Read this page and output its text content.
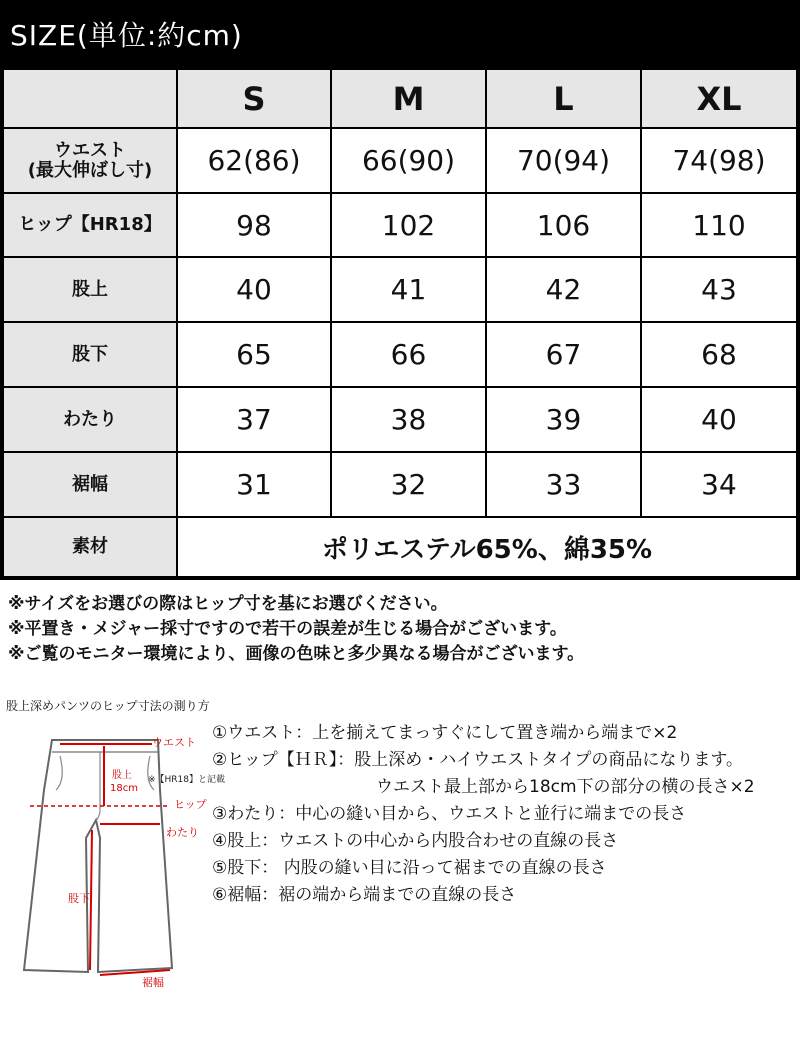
SIZE(単位:約cm)
S	M	L	XL
ウエスト
(最大伸ばし寸)	62(86)	66(90)	70(94)	74(98)
ヒップ【HR18】	98	102	106	110
股上	40	41	42	43
股下	65	66	67	68
わたり	37	38	39	40
裾幅	31	32	33	34
素材	ポリエステル65%、綿35%
※サイズをお選びの際はヒップ寸を基にお選びください。
※平置き・メジャー採寸ですので若干の誤差が生じる場合がございます。
※ご覧のモニター環境により、画像の色味と多少異なる場合がございます。
股上深めパンツのヒップ寸法の測り方
ウエスト
股上
18cm
※【HR18】と記載
ヒップ
わたり
股下
裾幅
①ウエスト：上を揃えてまっすぐにして置き端から端まで×2
②ヒップ【ＨＲ】：股上深め・ハイウエストタイプの商品になります。
ウエスト最上部から18cm下の部分の横の長さ×2
③わたり：中心の縫い目から、ウエストと並行に端までの長さ
④股上：ウエストの中心から内股合わせの直線の長さ
⑤股下： 内股の縫い目に沿って裾までの直線の長さ
⑥裾幅：裾の端から端までの直線の長さ
